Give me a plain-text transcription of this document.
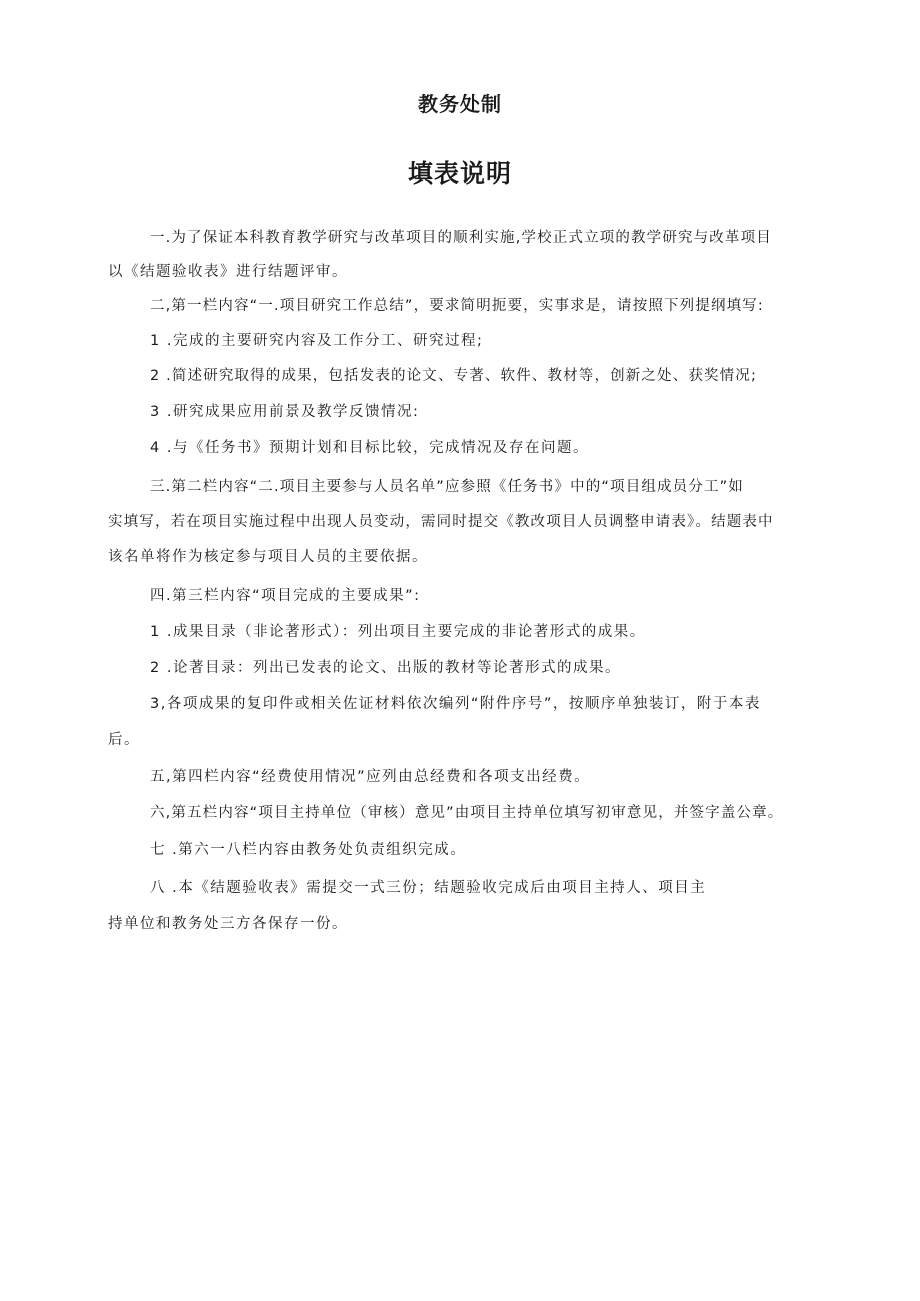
教务处制
填表说明
一.为了保证本科教育教学研究与改革项目的顺利实施,学校正式立项的教学研究与改革项目
以《结题验收表》进行结题评审。
二,第一栏内容“一.项目研究工作总结”，要求简明扼要，实事求是，请按照下列提纲填写:
1 .完成的主要研究内容及工作分工、研究过程;
2 .简述研究取得的成果，包括发表的论文、专著、软件、教材等，创新之处、获奖情况;
3 .研究成果应用前景及教学反馈情况:
4 .与《任务书》预期计划和目标比较，完成情况及存在问题。
三.第二栏内容“二.项目主要参与人员名单”应参照《任务书》中的“项目组成员分工”如
实填写，若在项目实施过程中出现人员变动，需同时提交《教改项目人员调整申请表》。结题表中
该名单将作为核定参与项目人员的主要依据。
四.第三栏内容“项目完成的主要成果”:
1 .成果目录（非论著形式）：列出项目主要完成的非论著形式的成果。
2 .论著目录：列出已发表的论文、出版的教材等论著形式的成果。
3,各项成果的复印件或相关佐证材料依次编列“附件序号”，按顺序单独装订，附于本表
后。
五,第四栏内容“经费使用情况”应列由总经费和各项支出经费。
六,第五栏内容“项目主持单位（审核）意见”由项目主持单位填写初审意见，并签字盖公章。
七 .第六一八栏内容由教务处负责组织完成。
八 .本《结题验收表》需提交一式三份；结题验收完成后由项目主持人、项目主
持单位和教务处三方各保存一份。
